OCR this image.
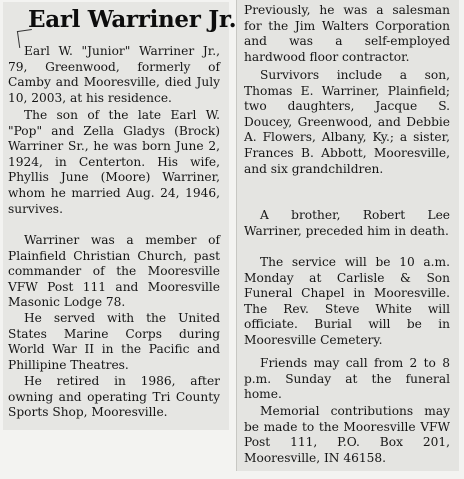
Earl Warriner Jr.

Earl W. "Junior" Warriner Jr., 79, Greenwood, formerly of Camby and Mooresville, died July 10, 2003, at his residence.

The son of the late Earl W. "Pop" and Zella Gladys (Brock) Warriner Sr., he was born June 2, 1924, in Centerton. His wife, Phyllis June (Moore) Warriner, whom he married Aug. 24, 1946, survives.

Warriner was a member of Plainfield Christian Church, past commander of the Mooresville VFW Post 111 and Mooresville Masonic Lodge 78.

He served with the United States Marine Corps during World War II in the Pacific and Phillipine Theatres.

He retired in 1986, after owning and operating Tri County Sports Shop, Mooresville.

Previously, he was a salesman for the Jim Walters Corporation and was a self-employed hardwood floor contractor.

Survivors include a son, Thomas E. Warriner, Plainfield; two daughters, Jacque S. Doucey, Greenwood, and Debbie A. Flowers, Albany, Ky.; a sister, Frances B. Abbott, Mooresville, and six grandchildren.

A brother, Robert Lee Warriner, preceded him in death.

The service will be 10 a.m. Monday at Carlisle & Son Funeral Chapel in Mooresville. The Rev. Steve White will officiate. Burial will be in Mooresville Cemetery.

Friends may call from 2 to 8 p.m. Sunday at the funeral home.

Memorial contributions may be made to the Mooresville VFW Post 111, P.O. Box 201, Mooresville, IN 46158.
